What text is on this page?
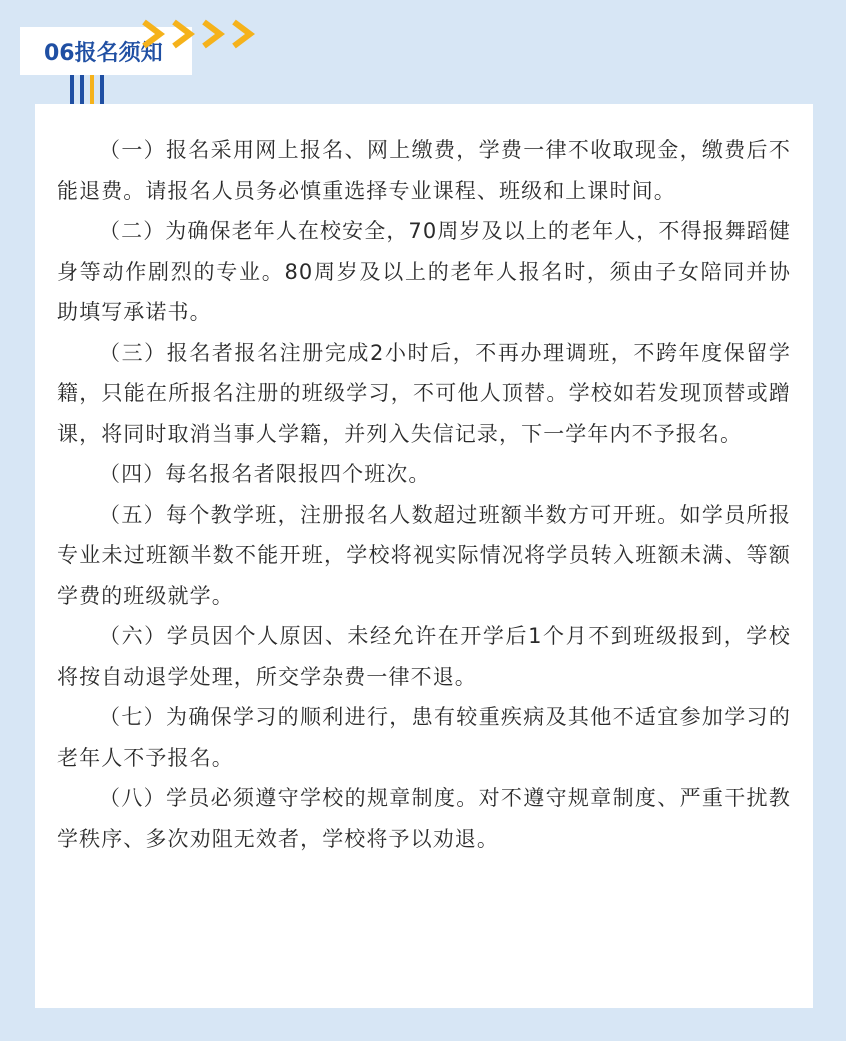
06报名须知

（一）报名采用网上报名、网上缴费，学费一律不收取现金，缴费后不能退费。请报名人员务必慎重选择专业课程、班级和上课时间。

（二）为确保老年人在校安全，70周岁及以上的老年人，不得报舞蹈健身等动作剧烈的专业。80周岁及以上的老年人报名时，须由子女陪同并协助填写承诺书。

（三）报名者报名注册完成2小时后，不再办理调班，不跨年度保留学籍，只能在所报名注册的班级学习，不可他人顶替。学校如若发现顶替或蹭课，将同时取消当事人学籍，并列入失信记录，下一学年内不予报名。

（四）每名报名者限报四个班次。

（五）每个教学班，注册报名人数超过班额半数方可开班。如学员所报专业未过班额半数不能开班，学校将视实际情况将学员转入班额未满、等额学费的班级就学。

（六）学员因个人原因、未经允许在开学后1个月不到班级报到，学校将按自动退学处理，所交学杂费一律不退。

（七）为确保学习的顺利进行，患有较重疾病及其他不适宜参加学习的老年人不予报名。

（八）学员必须遵守学校的规章制度。对不遵守规章制度、严重干扰教学秩序、多次劝阻无效者，学校将予以劝退。
